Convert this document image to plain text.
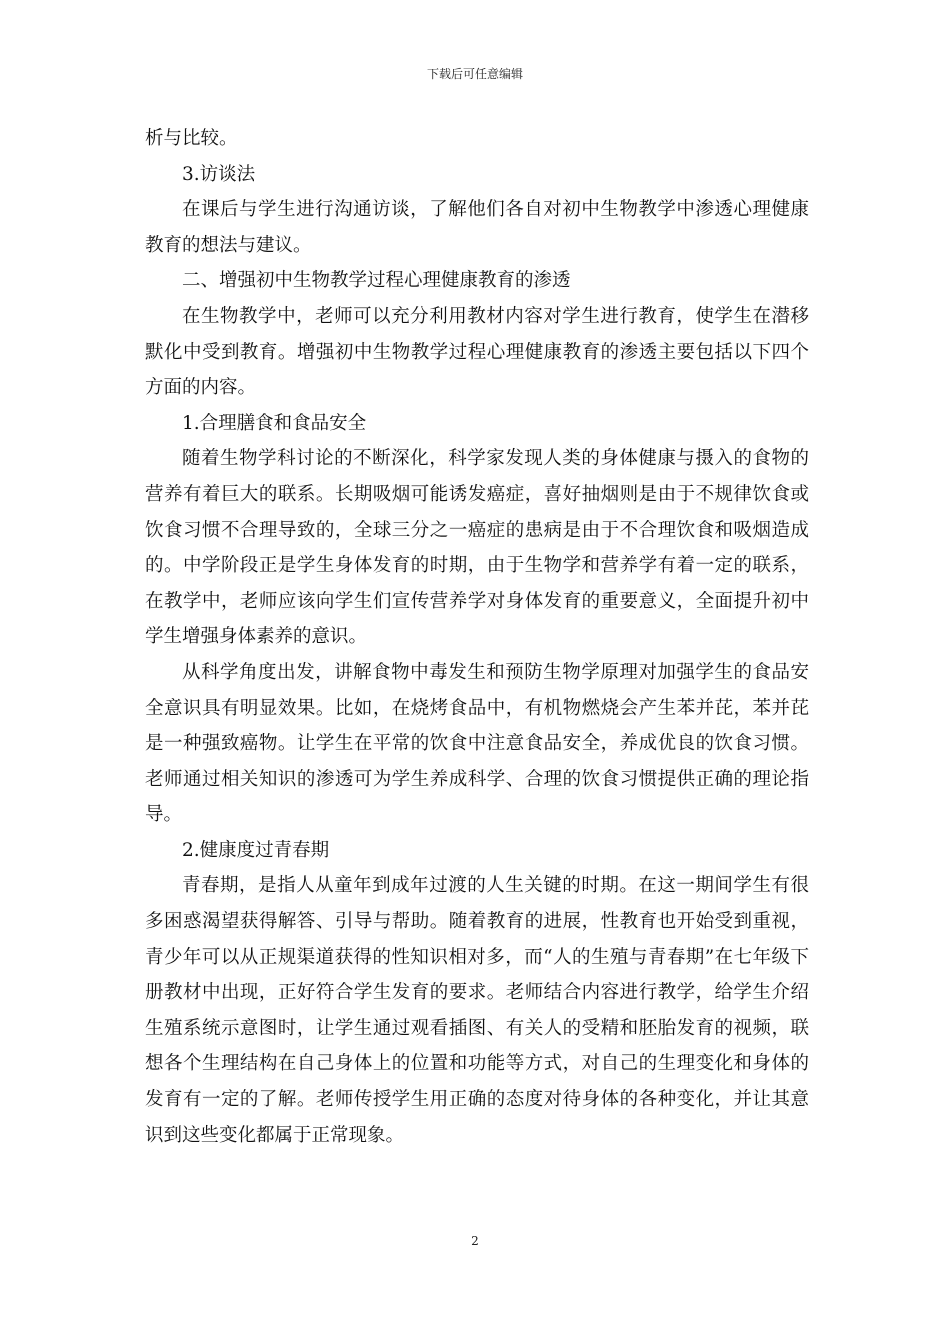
下载后可任意编辑

析与比较。

3.访谈法

在课后与学生进行沟通访谈，了解他们各自对初中生物教学中渗透心理健康教育的想法与建议。

二、增强初中生物教学过程心理健康教育的渗透

在生物教学中，老师可以充分利用教材内容对学生进行教育，使学生在潜移默化中受到教育。增强初中生物教学过程心理健康教育的渗透主要包括以下四个方面的内容。

1.合理膳食和食品安全

随着生物学科讨论的不断深化，科学家发现人类的身体健康与摄入的食物的营养有着巨大的联系。长期吸烟可能诱发癌症，喜好抽烟则是由于不规律饮食或饮食习惯不合理导致的，全球三分之一癌症的患病是由于不合理饮食和吸烟造成的。中学阶段正是学生身体发育的时期，由于生物学和营养学有着一定的联系，在教学中，老师应该向学生们宣传营养学对身体发育的重要意义，全面提升初中学生增强身体素养的意识。

从科学角度出发，讲解食物中毒发生和预防生物学原理对加强学生的食品安全意识具有明显效果。比如，在烧烤食品中，有机物燃烧会产生苯并芘，苯并芘是一种强致癌物。让学生在平常的饮食中注意食品安全，养成优良的饮食习惯。老师通过相关知识的渗透可为学生养成科学、合理的饮食习惯提供正确的理论指导。

2.健康度过青春期

青春期，是指人从童年到成年过渡的人生关键的时期。在这一期间学生有很多困惑渴望获得解答、引导与帮助。随着教育的进展，性教育也开始受到重视，青少年可以从正规渠道获得的性知识相对多，而“人的生殖与青春期”在七年级下册教材中出现，正好符合学生发育的要求。老师结合内容进行教学，给学生介绍生殖系统示意图时，让学生通过观看插图、有关人的受精和胚胎发育的视频，联想各个生理结构在自己身体上的位置和功能等方式，对自己的生理变化和身体的发育有一定的了解。老师传授学生用正确的态度对待身体的各种变化，并让其意识到这些变化都属于正常现象。

2
